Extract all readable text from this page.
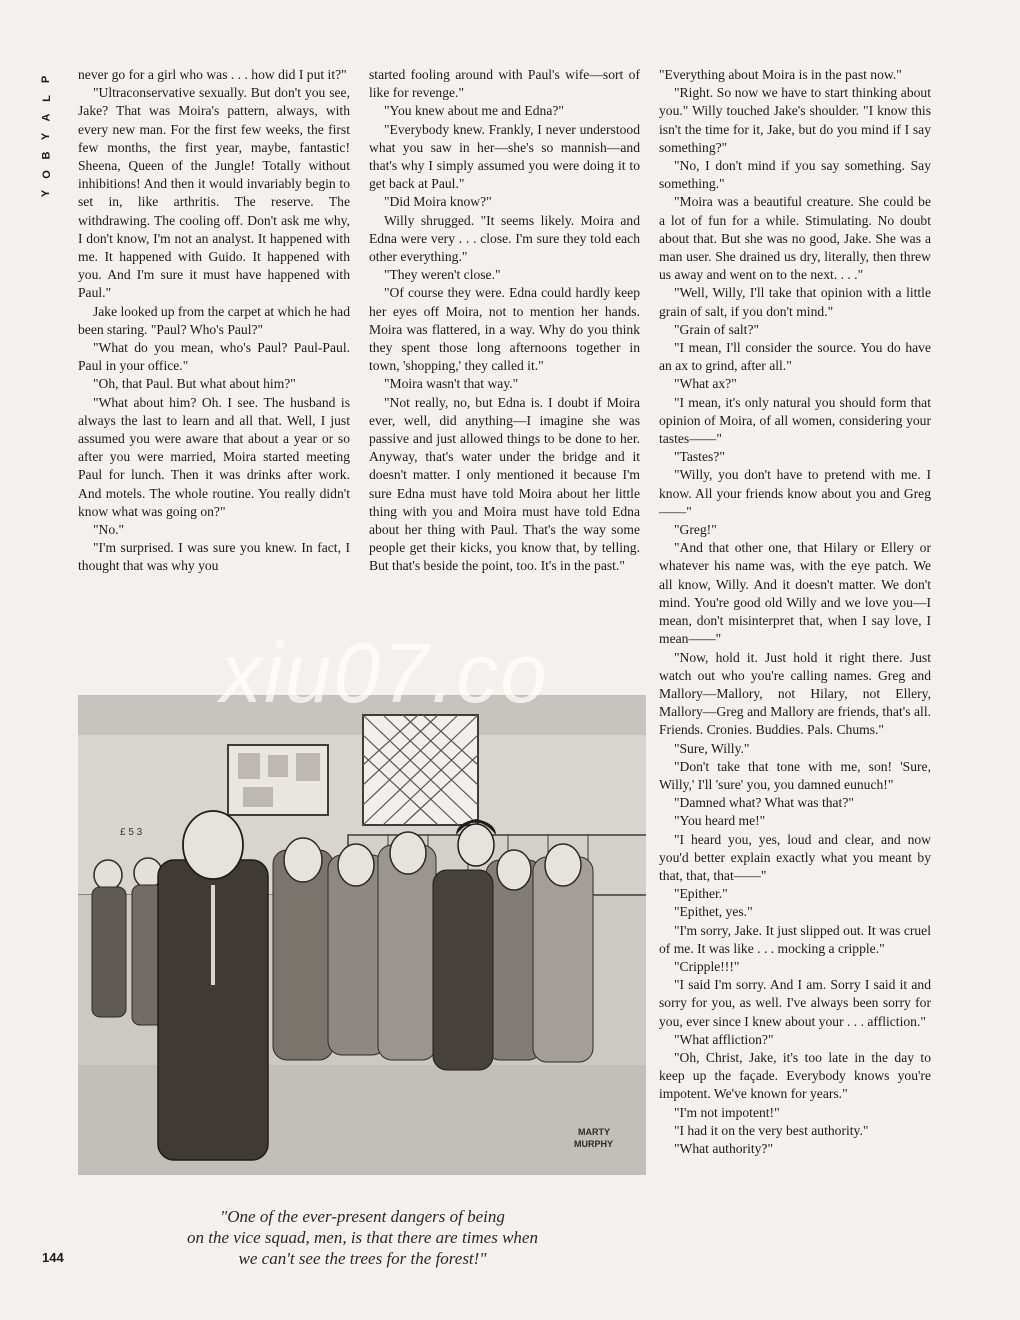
P
L
A
Y
B
O
Y

never go for a girl who was . . . how did I put it?"

"Ultraconservative sexually. But don't you see, Jake? That was Moira's pattern, always, with every new man. For the first few weeks, the first few months, the first year, maybe, fantastic! Sheena, Queen of the Jungle! Totally without inhibitions! And then it would invariably begin to set in, like arthritis. The reserve. The withdrawing. The cooling off. Don't ask me why, I don't know, I'm not an analyst. It happened with me. It happened with Guido. It happened with you. And I'm sure it must have happened with Paul."

Jake looked up from the carpet at which he had been staring. "Paul? Who's Paul?"

"What do you mean, who's Paul? Paul-Paul. Paul in your office."

"Oh, that Paul. But what about him?"

"What about him? Oh. I see. The husband is always the last to learn and all that. Well, I just assumed you were aware that about a year or so after you were married, Moira started meeting Paul for lunch. Then it was drinks after work. And motels. The whole routine. You really didn't know what was going on?"

"No."

"I'm surprised. I was sure you knew. In fact, I thought that was why you

started fooling around with Paul's wife—sort of like for revenge."

"You knew about me and Edna?"

"Everybody knew. Frankly, I never understood what you saw in her—she's so mannish—and that's why I simply assumed you were doing it to get back at Paul."

"Did Moira know?"

Willy shrugged. "It seems likely. Moira and Edna were very . . . close. I'm sure they told each other everything."

"They weren't close."

"Of course they were. Edna could hardly keep her eyes off Moira, not to mention her hands. Moira was flattered, in a way. Why do you think they spent those long afternoons together in town, 'shopping,' they called it."

"Moira wasn't that way."

"Not really, no, but Edna is. I doubt if Moira ever, well, did anything—I imagine she was passive and just allowed things to be done to her. Anyway, that's water under the bridge and it doesn't matter. I only mentioned it because I'm sure Edna must have told Moira about her little thing with you and Moira must have told Edna about her thing with Paul. That's the way some people get their kicks, you know that, by telling. But that's beside the point, too. It's in the past."

"Everything about Moira is in the past now."

"Right. So now we have to start thinking about you." Willy touched Jake's shoulder. "I know this isn't the time for it, Jake, but do you mind if I say something?"

"No, I don't mind if you say something. Say something."

"Moira was a beautiful creature. She could be a lot of fun for a while. Stimulating. No doubt about that. But she was no good, Jake. She was a man user. She drained us dry, literally, then threw us away and went on to the next. . . ."

"Well, Willy, I'll take that opinion with a little grain of salt, if you don't mind."

"Grain of salt?"

"I mean, I'll consider the source. You do have an ax to grind, after all."

"What ax?"

"I mean, it's only natural you should form that opinion of Moira, of all women, considering your tastes——"

"Tastes?"

"Willy, you don't have to pretend with me. I know. All your friends know about you and Greg——"

"Greg!"

"And that other one, that Hilary or Ellery or whatever his name was, with the eye patch. We all know, Willy. And it doesn't matter. We don't mind. You're good old Willy and we love you—I mean, don't misinterpret that, when I say love, I mean——"

"Now, hold it. Just hold it right there. Just watch out who you're calling names. Greg and Mallory—Mallory, not Hilary, not Ellery, Mallory—Greg and Mallory are friends, that's all. Friends. Cronies. Buddies. Pals. Chums."

"Sure, Willy."

"Don't take that tone with me, son! 'Sure, Willy,' I'll 'sure' you, you damned eunuch!"

"Damned what? What was that?"

"You heard me!"

"I heard you, yes, loud and clear, and now you'd better explain exactly what you meant by that, that, that——"

"Epither."

"Epithet, yes."

"I'm sorry, Jake. It just slipped out. It was cruel of me. It was like . . . mocking a cripple."

"Cripple!!!"

"I said I'm sorry. And I am. Sorry I said it and sorry for you, as well. I've always been sorry for you, ever since I knew about your . . . affliction."

"What affliction?"

"Oh, Christ, Jake, it's too late in the day to keep up the façade. Everybody knows you're impotent. We've known for years."

"I'm not impotent!"

"I had it on the very best authority."

"What authority?"

£ 5 3
MARTY
MURPHY
"One of the ever-present dangers of being
on the vice squad, men, is that there are times when
we can't see the trees for the forest!"
144
xiu07.co
